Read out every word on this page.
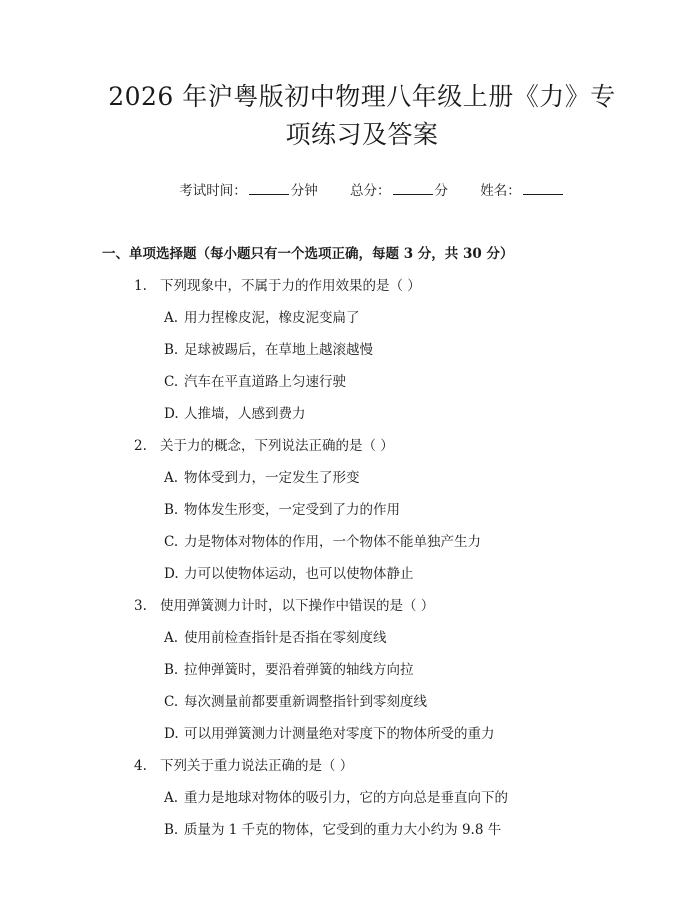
2026 年沪粤版初中物理八年级上册《力》专
项练习及答案
考试时间：	分钟 总分：	分 姓名：
一、单项选择题（每小题只有一个选项正确，每题 3 分，共 30 分）
1. 下列现象中，不属于力的作用效果的是（ ）
A. 用力捏橡皮泥，橡皮泥变扁了
B. 足球被踢后，在草地上越滚越慢
C. 汽车在平直道路上匀速行驶
D. 人推墙，人感到费力
2. 关于力的概念，下列说法正确的是（ ）
A. 物体受到力，一定发生了形变
B. 物体发生形变，一定受到了力的作用
C. 力是物体对物体的作用，一个物体不能单独产生力
D. 力可以使物体运动，也可以使物体静止
3. 使用弹簧测力计时，以下操作中错误的是（ ）
A. 使用前检查指针是否指在零刻度线
B. 拉伸弹簧时，要沿着弹簧的轴线方向拉
C. 每次测量前都要重新调整指针到零刻度线
D. 可以用弹簧测力计测量绝对零度下的物体所受的重力
4. 下列关于重力说法正确的是（ ）
A. 重力是地球对物体的吸引力，它的方向总是垂直向下的
B. 质量为 1 千克的物体，它受到的重力大小约为 9.8 牛
